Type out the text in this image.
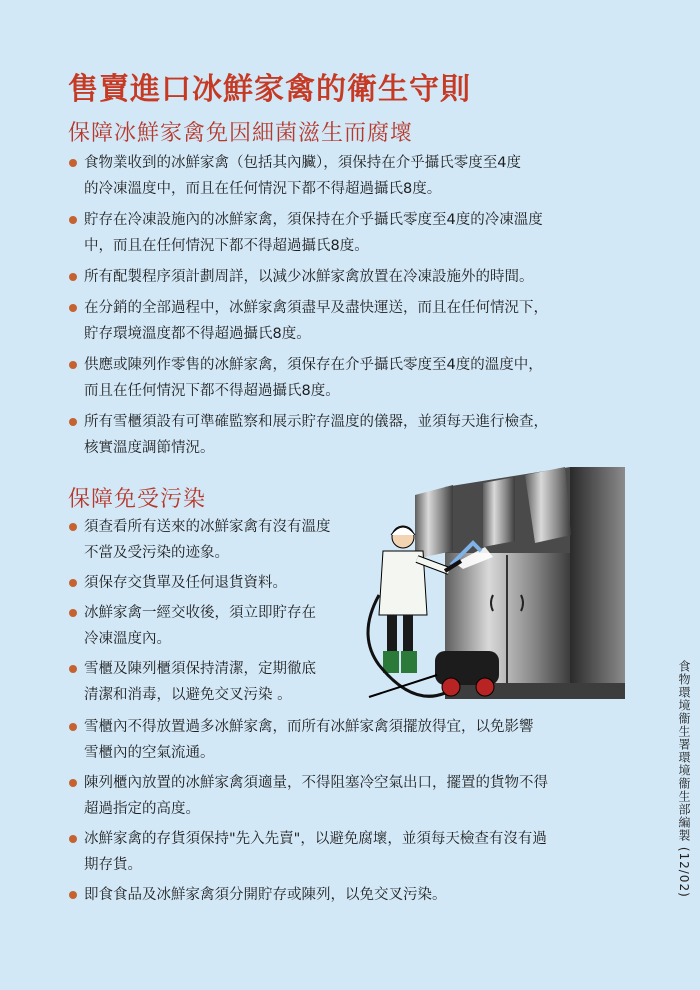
售賣進口冰鮮家禽的衛生守則
保障冰鮮家禽免因細菌滋生而腐壞
食物業收到的冰鮮家禽（包括其內臟），須保持在介乎攝氏零度至4度
的冷凍溫度中，而且在任何情況下都不得超過攝氏8度。
貯存在冷凍設施內的冰鮮家禽，須保持在介乎攝氏零度至4度的冷凍溫度
中，而且在任何情況下都不得超過攝氏8度。
所有配製程序須計劃周詳，以減少冰鮮家禽放置在冷凍設施外的時間。
在分銷的全部過程中，冰鮮家禽須盡早及盡快運送，而且在任何情況下，
貯存環境溫度都不得超過攝氏8度。
供應或陳列作零售的冰鮮家禽，須保存在介乎攝氏零度至4度的溫度中，
而且在任何情況下都不得超過攝氏8度。
所有雪櫃須設有可準確監察和展示貯存溫度的儀器，並須每天進行檢查，
核實溫度調節情況。
保障免受污染
須查看所有送來的冰鮮家禽有沒有溫度
不當及受污染的迹象。
須保存交貨單及任何退貨資料。
冰鮮家禽一經交收後，須立即貯存在
冷凍溫度內。
雪櫃及陳列櫃須保持清潔，定期徹底
清潔和消毒，以避免交叉污染 。
雪櫃內不得放置過多冰鮮家禽，而所有冰鮮家禽須擺放得宜，以免影響
雪櫃內的空氣流通。
陳列櫃內放置的冰鮮家禽須適量，不得阻塞冷空氣出口，擺置的貨物不得
超過指定的高度。
冰鮮家禽的存貨須保持"先入先賣"，以避免腐壞，並須每天檢查有沒有過
期存貨。
即食食品及冰鮮家禽須分開貯存或陳列，以免交叉污染。	食物環境衞生署環境衞生部編製 (12/02)
